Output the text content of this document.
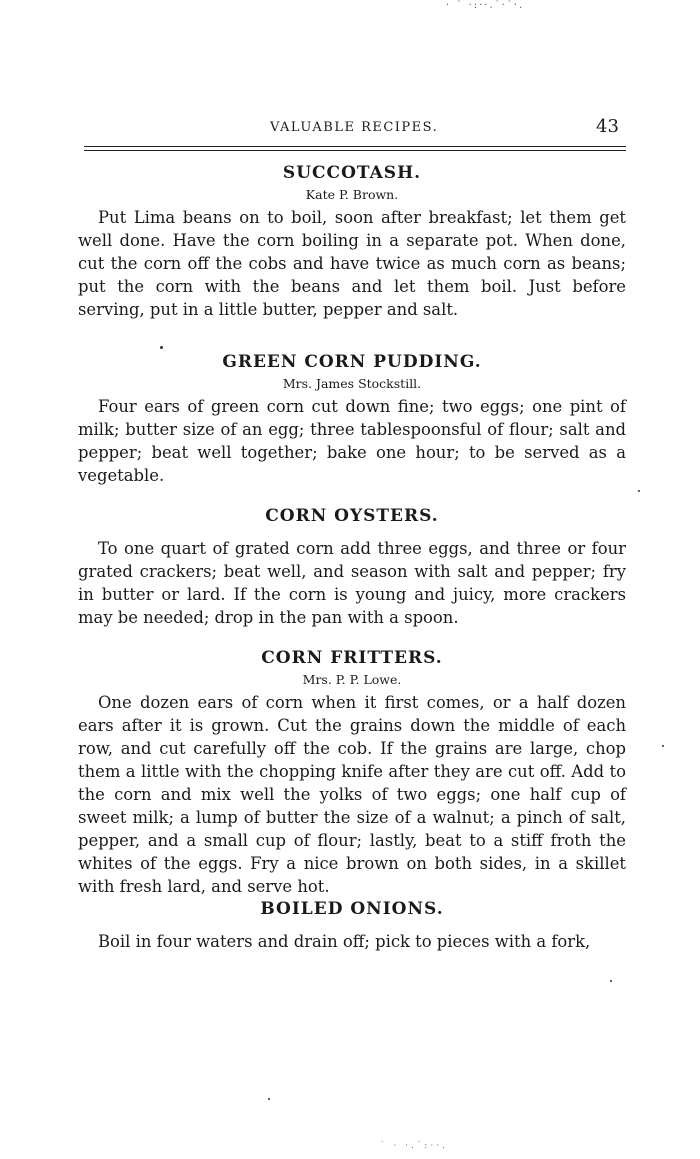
· ˙ ·:··.˙·˙·.
VALUABLE RECIPES.	43
SUCCOTASH.
Kate P. Brown.

Put Lima beans on to boil, soon after breakfast; let them get well done. Have the corn boiling in a separate pot. When done, cut the corn off the cobs and have twice as much corn as beans; put the corn with the beans and let them boil. Just before serving, put in a little butter, pepper and salt.

GREEN CORN PUDDING.
Mrs. James Stockstill.

Four ears of green corn cut down fine; two eggs; one pint of milk; butter size of an egg; three tablespoonsful of flour; salt and pepper; beat well together; bake one hour; to be served as a vegetable.

CORN OYSTERS.

To one quart of grated corn add three eggs, and three or four grated crackers; beat well, and season with salt and pepper; fry in butter or lard. If the corn is young and juicy, more crackers may be needed; drop in the pan with a spoon.

CORN FRITTERS.
Mrs. P. P. Lowe.

One dozen ears of corn when it first comes, or a half dozen ears after it is grown. Cut the grains down the middle of each row, and cut carefully off the cob. If the grains are large, chop them a little with the chopping knife after they are cut off. Add to the corn and mix well the yolks of two eggs; one half cup of sweet milk; a lump of butter the size of a walnut; a pinch of salt, pepper, and a small cup of flour; lastly, beat to a stiff froth the whites of the eggs. Fry a nice brown on both sides, in a skillet with fresh lard, and serve hot.

BOILED ONIONS.

Boil in four waters and drain off; pick to pieces with a fork,

˙ · ·.˙:··.
